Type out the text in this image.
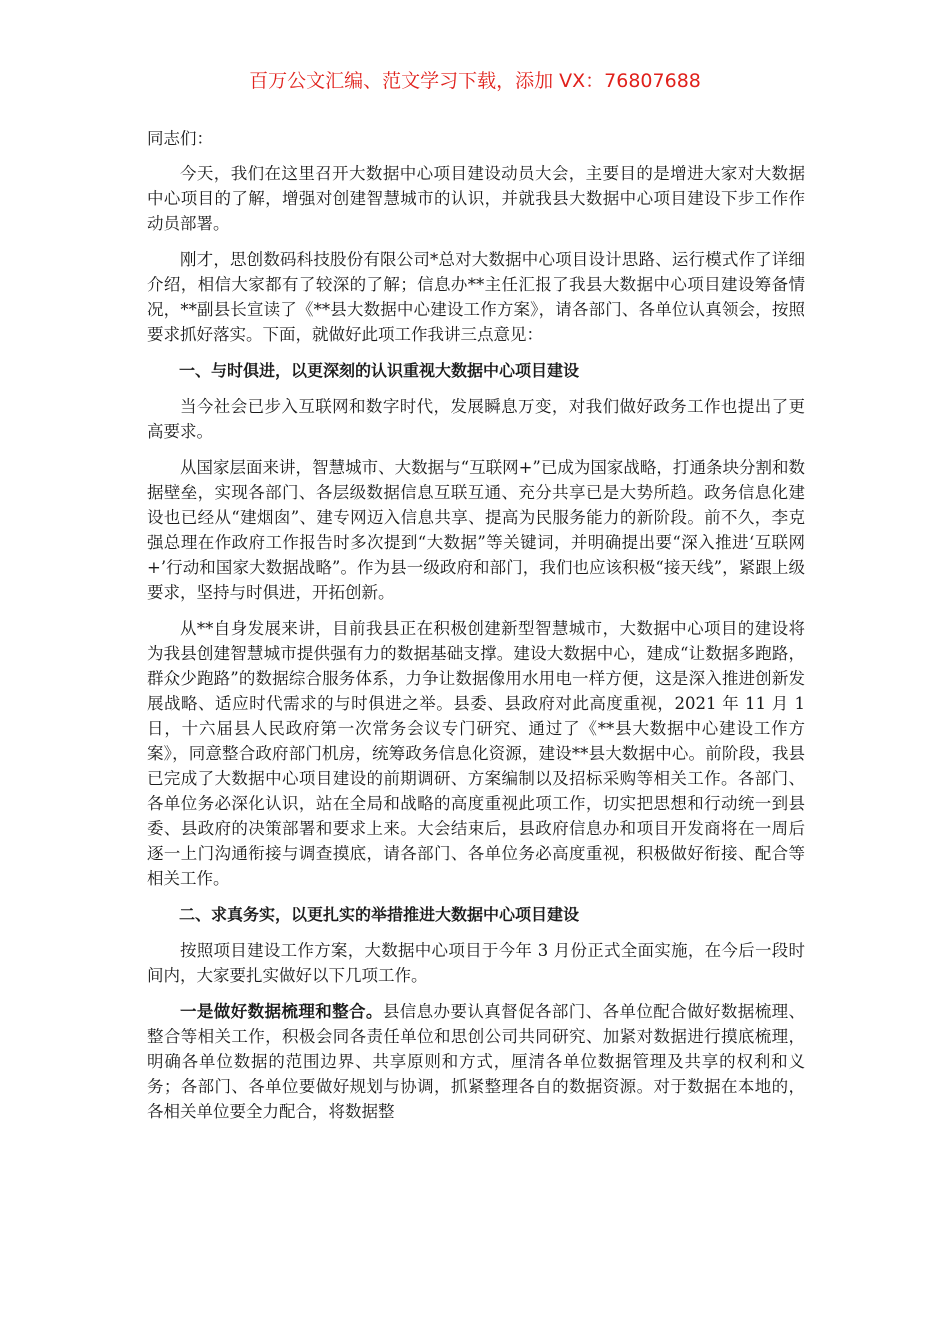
百万公文汇编、范文学习下载，添加 VX：76807688

同志们：

今天，我们在这里召开大数据中心项目建设动员大会，主要目的是增进大家对大数据中心项目的了解，增强对创建智慧城市的认识，并就我县大数据中心项目建设下步工作作动员部署。

刚才，思创数码科技股份有限公司*总对大数据中心项目设计思路、运行模式作了详细介绍，相信大家都有了较深的了解；信息办**主任汇报了我县大数据中心项目建设筹备情况，**副县长宣读了《**县大数据中心建设工作方案》，请各部门、各单位认真领会，按照要求抓好落实。下面，就做好此项工作我讲三点意见：

一、与时俱进，以更深刻的认识重视大数据中心项目建设

当今社会已步入互联网和数字时代，发展瞬息万变，对我们做好政务工作也提出了更高要求。

从国家层面来讲，智慧城市、大数据与“互联网+”已成为国家战略，打通条块分割和数据壁垒，实现各部门、各层级数据信息互联互通、充分共享已是大势所趋。政务信息化建设也已经从“建烟囱”、建专网迈入信息共享、提高为民服务能力的新阶段。前不久，李克强总理在作政府工作报告时多次提到“大数据”等关键词，并明确提出要“深入推进‘互联网+’行动和国家大数据战略”。作为县一级政府和部门，我们也应该积极“接天线”，紧跟上级要求，坚持与时俱进，开拓创新。

从**自身发展来讲，目前我县正在积极创建新型智慧城市，大数据中心项目的建设将为我县创建智慧城市提供强有力的数据基础支撑。建设大数据中心，建成“让数据多跑路，群众少跑路”的数据综合服务体系，力争让数据像用水用电一样方便，这是深入推进创新发展战略、适应时代需求的与时俱进之举。县委、县政府对此高度重视，2021 年 11 月 1 日，十六届县人民政府第一次常务会议专门研究、通过了《**县大数据中心建设工作方案》，同意整合政府部门机房，统筹政务信息化资源，建设**县大数据中心。前阶段，我县已完成了大数据中心项目建设的前期调研、方案编制以及招标采购等相关工作。各部门、各单位务必深化认识，站在全局和战略的高度重视此项工作，切实把思想和行动统一到县委、县政府的决策部署和要求上来。大会结束后，县政府信息办和项目开发商将在一周后逐一上门沟通衔接与调查摸底，请各部门、各单位务必高度重视，积极做好衔接、配合等相关工作。

二、求真务实，以更扎实的举措推进大数据中心项目建设

按照项目建设工作方案，大数据中心项目于今年 3 月份正式全面实施，在今后一段时间内，大家要扎实做好以下几项工作。

一是做好数据梳理和整合。县信息办要认真督促各部门、各单位配合做好数据梳理、整合等相关工作，积极会同各责任单位和思创公司共同研究、加紧对数据进行摸底梳理，明确各单位数据的范围边界、共享原则和方式，厘清各单位数据管理及共享的权利和义务；各部门、各单位要做好规划与协调，抓紧整理各自的数据资源。对于数据在本地的，各相关单位要全力配合，将数据整
